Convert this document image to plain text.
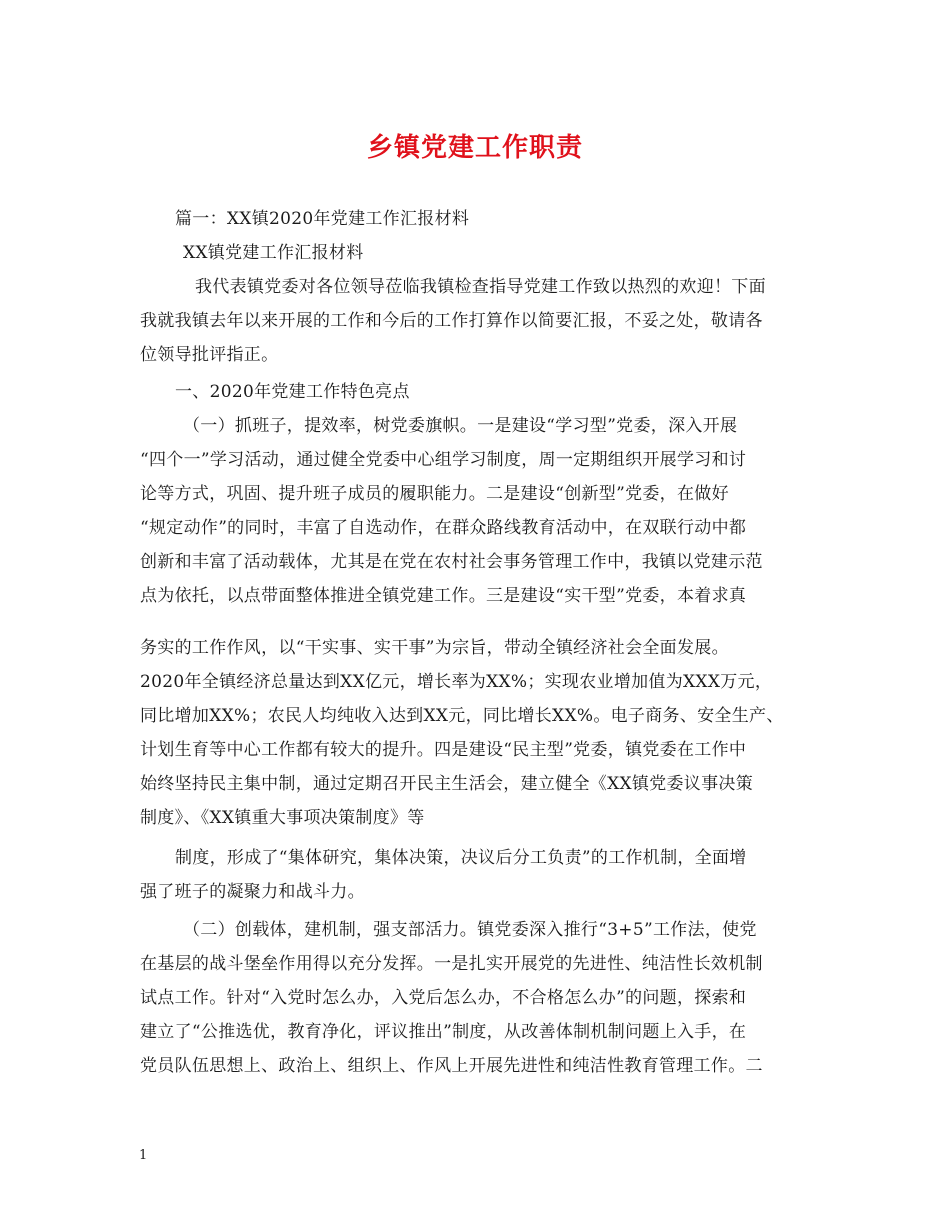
乡镇党建工作职责
篇一：XX镇2020年党建工作汇报材料
XX镇党建工作汇报材料
我代表镇党委对各位领导莅临我镇检查指导党建工作致以热烈的欢迎！下面
我就我镇去年以来开展的工作和今后的工作打算作以简要汇报，不妥之处，敬请各
位领导批评指正。
一、2020年党建工作特色亮点
（一）抓班子，提效率，树党委旗帜。一是建设“学习型”党委，深入开展
“四个一”学习活动，通过健全党委中心组学习制度，周一定期组织开展学习和讨
论等方式，巩固、提升班子成员的履职能力。二是建设“创新型”党委，在做好
“规定动作”的同时，丰富了自选动作，在群众路线教育活动中，在双联行动中都
创新和丰富了活动载体，尤其是在党在农村社会事务管理工作中，我镇以党建示范
点为依托，以点带面整体推进全镇党建工作。三是建设“实干型”党委，本着求真
务实的工作作风，以“干实事、实干事”为宗旨，带动全镇经济社会全面发展。
2020年全镇经济总量达到XX亿元，增长率为XX%；实现农业增加值为XXX万元，
同比增加XX%；农民人均纯收入达到XX元，同比增长XX%。电子商务、安全生产、
计划生育等中心工作都有较大的提升。四是建设“民主型”党委，镇党委在工作中
始终坚持民主集中制，通过定期召开民主生活会，建立健全《XX镇党委议事决策
制度》、《XX镇重大事项决策制度》等
制度，形成了“集体研究，集体决策，决议后分工负责”的工作机制，全面增
强了班子的凝聚力和战斗力。
（二）创载体，建机制，强支部活力。镇党委深入推行“3+5”工作法，使党
在基层的战斗堡垒作用得以充分发挥。一是扎实开展党的先进性、纯洁性长效机制
试点工作。针对“入党时怎么办，入党后怎么办，不合格怎么办”的问题，探索和
建立了“公推选优，教育净化，评议推出”制度，从改善体制机制问题上入手，在
党员队伍思想上、政治上、组织上、作风上开展先进性和纯洁性教育管理工作。二
1
